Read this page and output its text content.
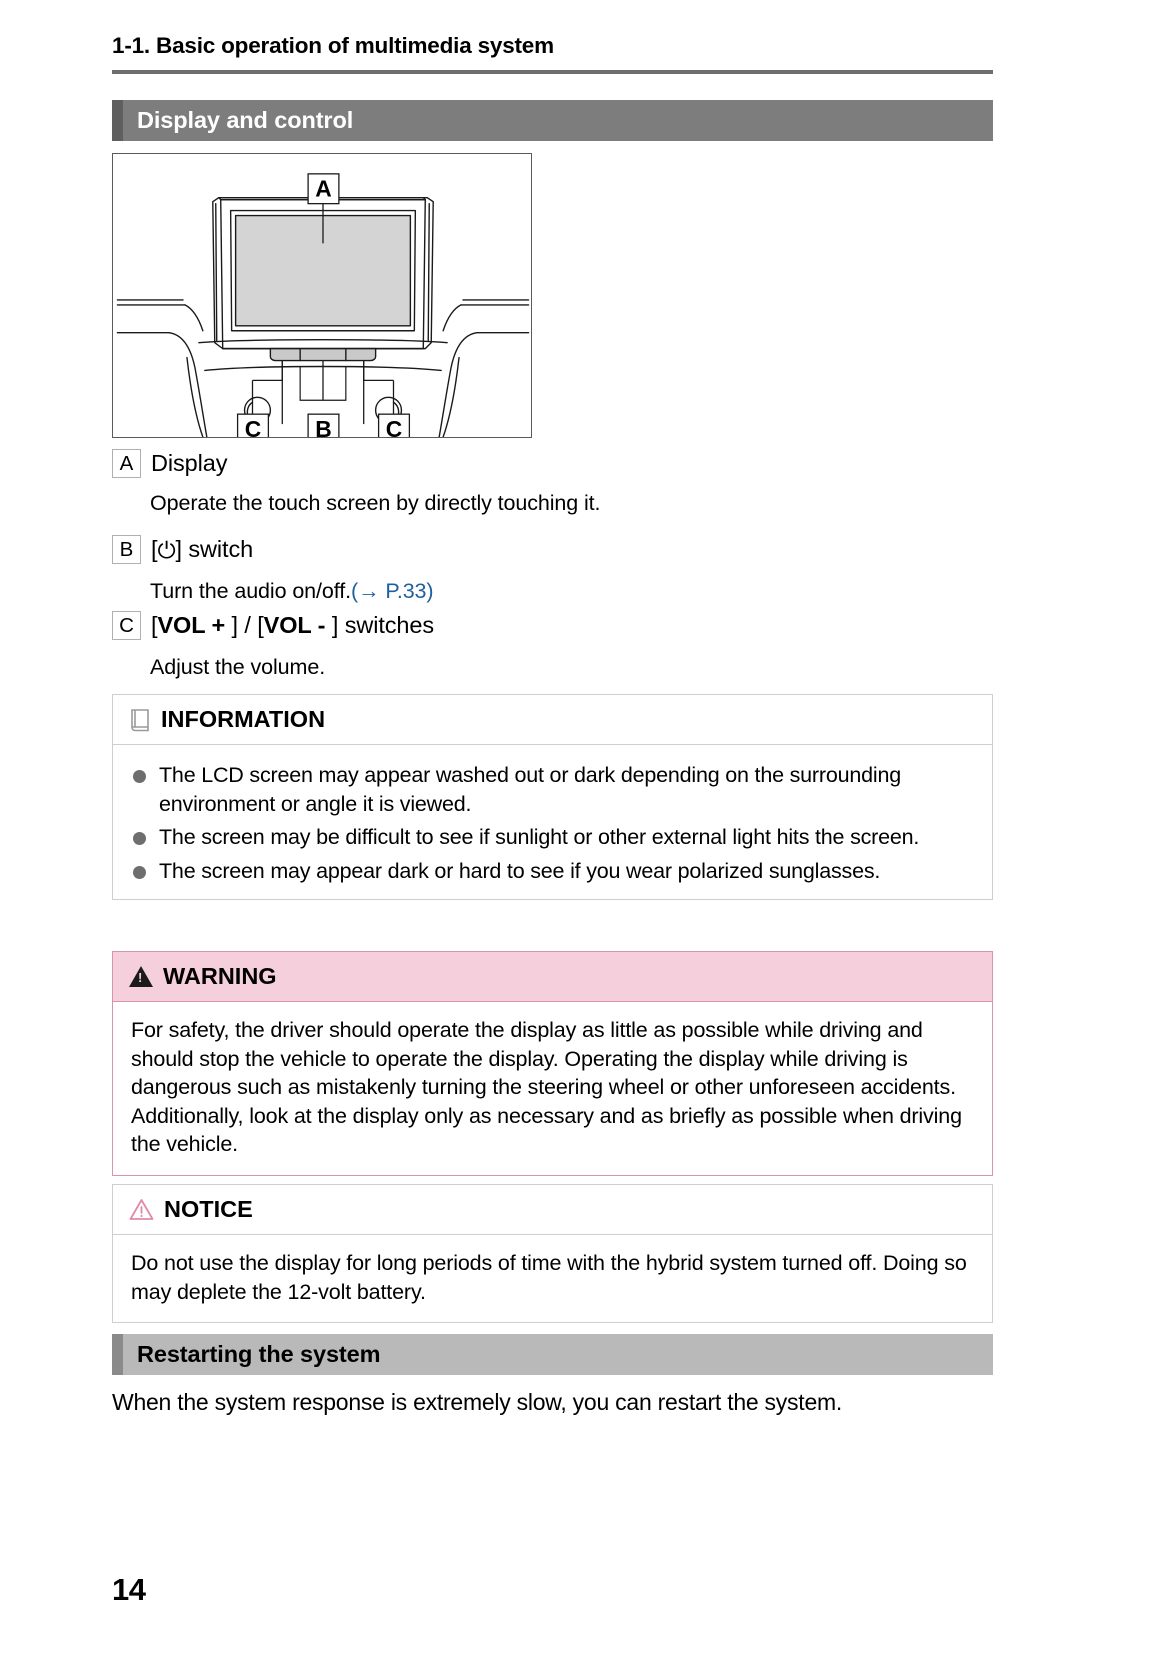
1-1. Basic operation of multimedia system
Display and control
A
C B C
A Display
Operate the touch screen by directly touching it.
B [⏻] switch
Turn the audio on/off.(→ P.33)
C [VOL + ] / [VOL - ] switches
Adjust the volume.
INFORMATION
The LCD screen may appear washed out or dark depending on the surrounding environment or angle it is viewed.
The screen may be difficult to see if sunlight or other external light hits the screen.
The screen may appear dark or hard to see if you wear polarized sunglasses.
!
WARNING
For safety, the driver should operate the display as little as possible while driving and should stop the vehicle to operate the display. Operating the display while driving is dangerous such as mistakenly turning the steering wheel or other unforeseen accidents. Additionally, look at the display only as necessary and as briefly as possible when driving the vehicle.
NOTICE
Do not use the display for long periods of time with the hybrid system turned off. Doing so may deplete the 12-volt battery.
Restarting the system
When the system response is extremely slow, you can restart the system.
14
